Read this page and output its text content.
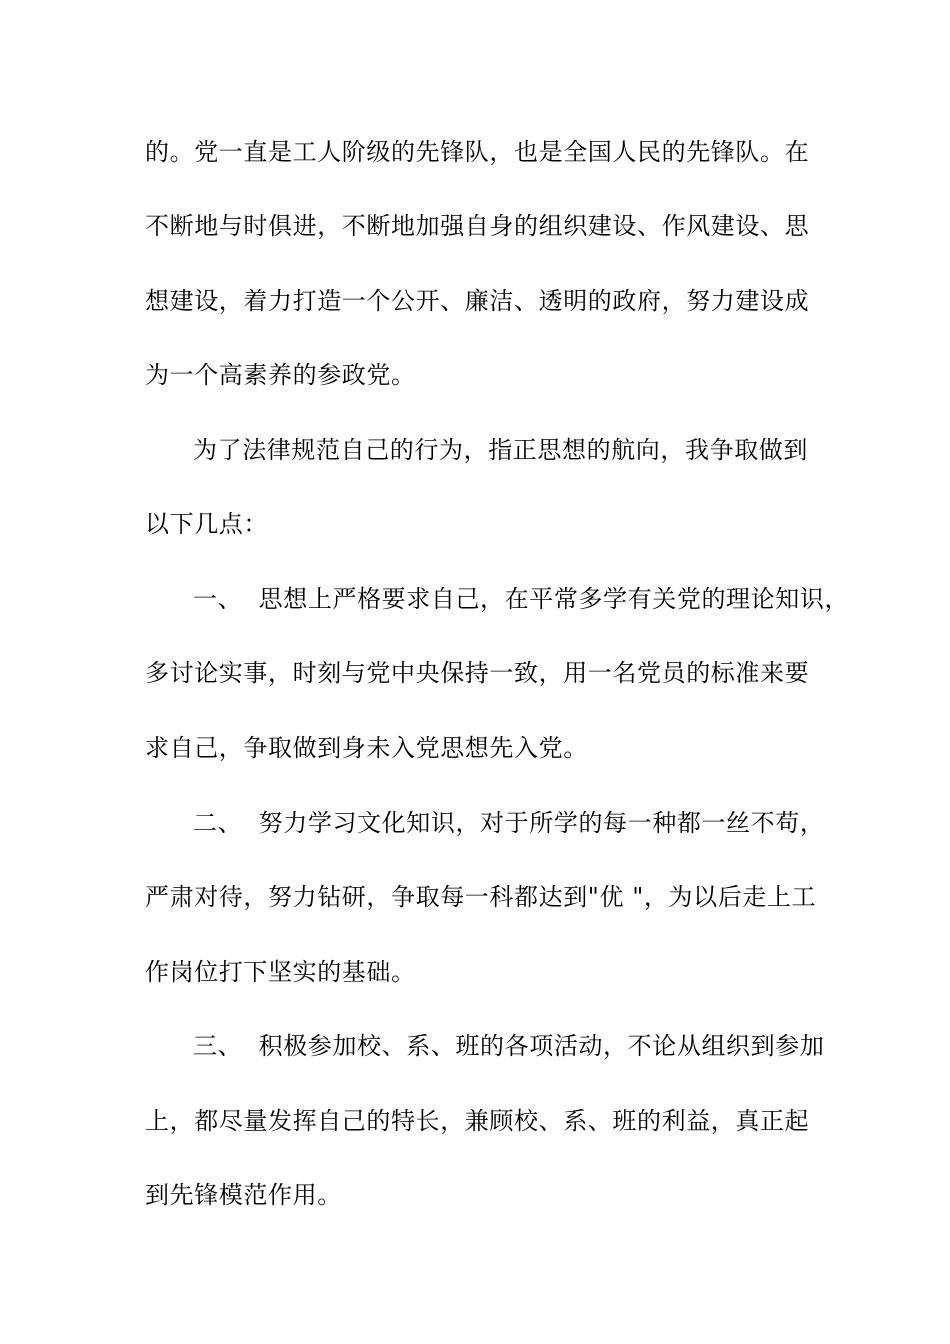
的。党一直是工人阶级的先锋队，也是全国人民的先锋队。在
不断地与时俱进，不断地加强自身的组织建设、作风建设、思
想建设，着力打造一个公开、廉洁、透明的政府，努力建设成
为一个高素养的参政党。
为了法律规范自己的行为，指正思想的航向，我争取做到
以下几点：
一、  思想上严格要求自己，在平常多学有关党的理论知识，
多讨论实事，时刻与党中央保持一致，用一名党员的标准来要
求自己，争取做到身未入党思想先入党。
二、  努力学习文化知识，对于所学的每一种都一丝不苟，
严肃对待，努力钻研，争取每一科都达到"优 "，为以后走上工
作岗位打下坚实的基础。
三、  积极参加校、系、班的各项活动，不论从组织到参加
上，都尽量发挥自己的特长，兼顾校、系、班的利益，真正起
到先锋模范作用。
